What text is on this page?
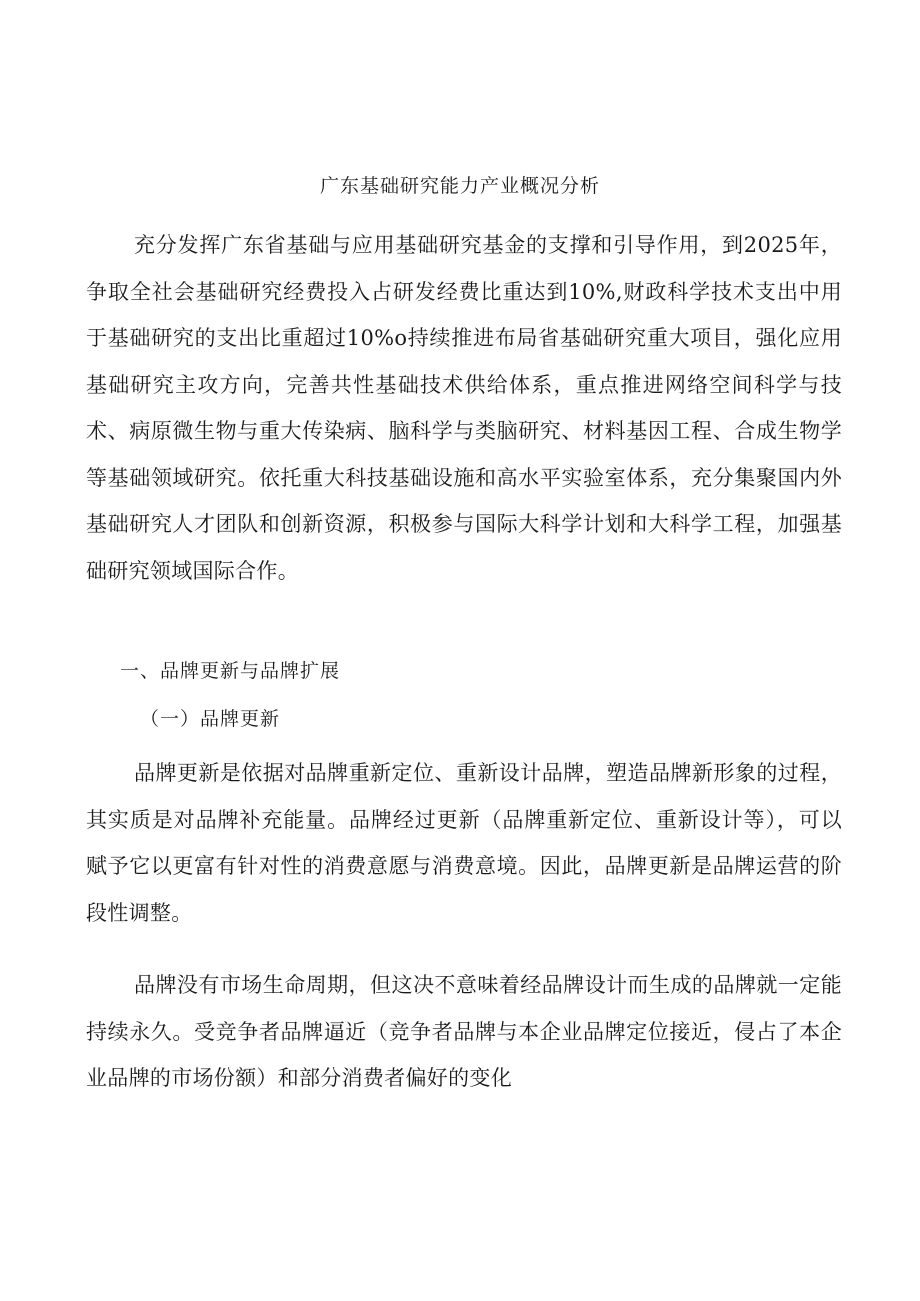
广东基础研究能力产业概况分析

充分发挥广东省基础与应用基础研究基金的支撑和引导作用，到2025年，争取全社会基础研究经费投入占研发经费比重达到10%,财政科学技术支出中用于基础研究的支出比重超过10%o持续推进布局省基础研究重大项目，强化应用基础研究主攻方向，完善共性基础技术供给体系，重点推进网络空间科学与技术、病原微生物与重大传染病、脑科学与类脑研究、材料基因工程、合成生物学等基础领域研究。依托重大科技基础设施和高水平实验室体系，充分集聚国内外基础研究人才团队和创新资源，积极参与国际大科学计划和大科学工程，加强基础研究领域国际合作。

一、品牌更新与品牌扩展
（一）品牌更新

品牌更新是依据对品牌重新定位、重新设计品牌，塑造品牌新形象的过程，其实质是对品牌补充能量。品牌经过更新（品牌重新定位、重新设计等），可以赋予它以更富有针对性的消费意愿与消费意境。因此，品牌更新是品牌运营的阶段性调整。

品牌没有市场生命周期，但这决不意味着经品牌设计而生成的品牌就一定能持续永久。受竞争者品牌逼近（竞争者品牌与本企业品牌定位接近，侵占了本企业品牌的市场份额）和部分消费者偏好的变化
